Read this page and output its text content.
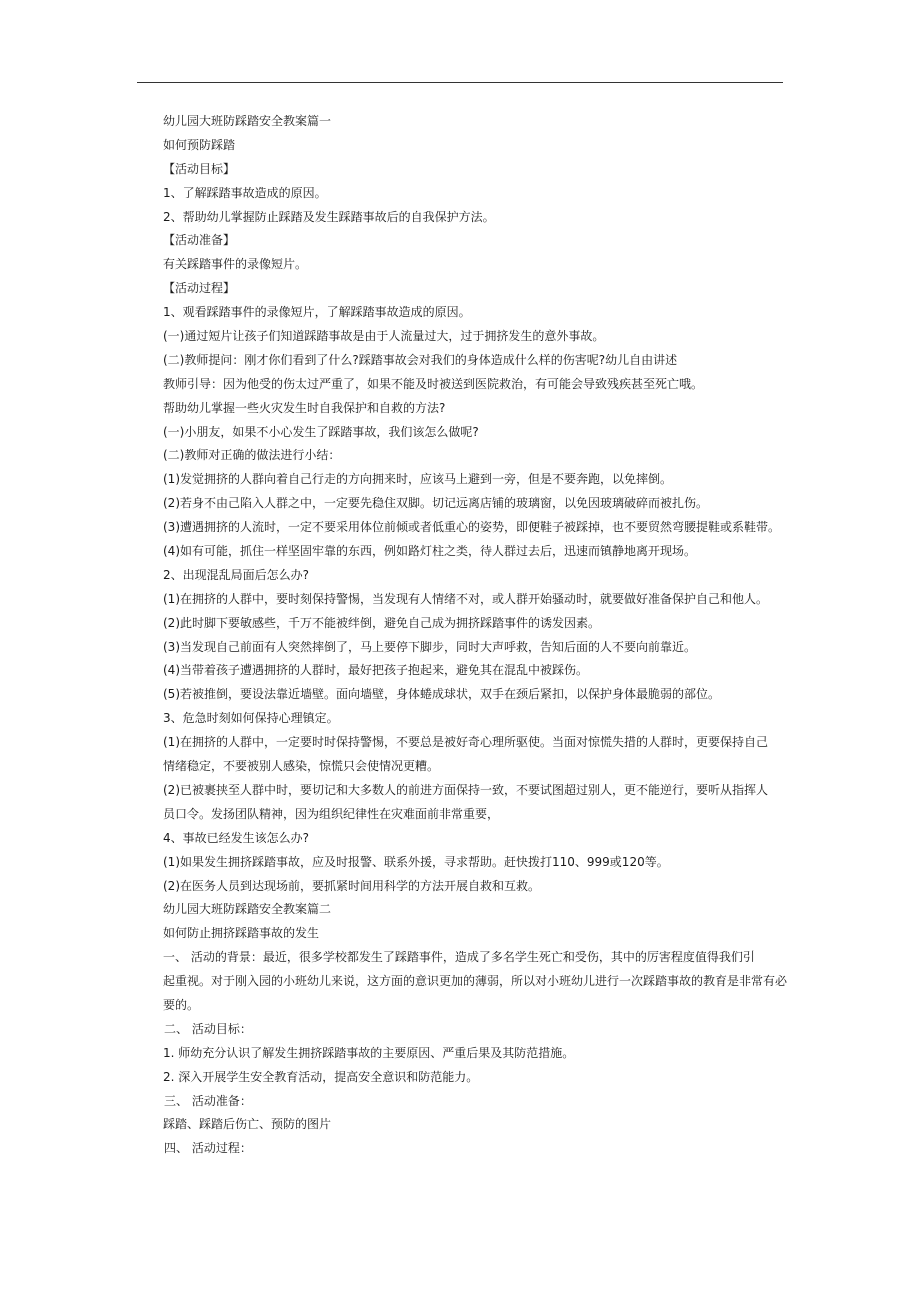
幼儿园大班防踩踏安全教案篇一
如何预防踩踏
【活动目标】
1、了解踩踏事故造成的原因。
2、帮助幼儿掌握防止踩踏及发生踩踏事故后的自我保护方法。
【活动准备】
有关踩踏事件的录像短片。
【活动过程】
1、观看踩踏事件的录像短片，了解踩踏事故造成的原因。
(一)通过短片让孩子们知道踩踏事故是由于人流量过大，过于拥挤发生的意外事故。
(二)教师提问：刚才你们看到了什么?踩踏事故会对我们的身体造成什么样的伤害呢?幼儿自由讲述
教师引导：因为他受的伤太过严重了，如果不能及时被送到医院救治，有可能会导致残疾甚至死亡哦。
帮助幼儿掌握一些火灾发生时自我保护和自救的方法?
(一)小朋友，如果不小心发生了踩踏事故，我们该怎么做呢?
(二)教师对正确的做法进行小结：
(1)发觉拥挤的人群向着自己行走的方向拥来时，应该马上避到一旁，但是不要奔跑，以免摔倒。
(2)若身不由己陷入人群之中，一定要先稳住双脚。切记远离店铺的玻璃窗，以免因玻璃破碎而被扎伤。
(3)遭遇拥挤的人流时，一定不要采用体位前倾或者低重心的姿势，即便鞋子被踩掉，也不要贸然弯腰提鞋或系鞋带。
(4)如有可能，抓住一样坚固牢靠的东西，例如路灯柱之类，待人群过去后，迅速而镇静地离开现场。
2、出现混乱局面后怎么办?
(1)在拥挤的人群中，要时刻保持警惕，当发现有人情绪不对，或人群开始骚动时，就要做好准备保护自己和他人。
(2)此时脚下要敏感些，千万不能被绊倒，避免自己成为拥挤踩踏事件的诱发因素。
(3)当发现自己前面有人突然摔倒了，马上要停下脚步，同时大声呼救，告知后面的人不要向前靠近。
(4)当带着孩子遭遇拥挤的人群时，最好把孩子抱起来，避免其在混乱中被踩伤。
(5)若被推倒，要设法靠近墙壁。面向墙壁，身体蜷成球状，双手在颈后紧扣，以保护身体最脆弱的部位。
3、危急时刻如何保持心理镇定。
(1)在拥挤的人群中，一定要时时保持警惕，不要总是被好奇心理所驱使。当面对惊慌失措的人群时，更要保持自己
情绪稳定，不要被别人感染，惊慌只会使情况更糟。
(2)已被裹挟至人群中时，要切记和大多数人的前进方面保持一致，不要试图超过别人，更不能逆行，要听从指挥人
员口令。发扬团队精神，因为组织纪律性在灾难面前非常重要，
4、事故已经发生该怎么办?
(1)如果发生拥挤踩踏事故，应及时报警、联系外援，寻求帮助。赶快拨打110、999或120等。
(2)在医务人员到达现场前，要抓紧时间用科学的方法开展自救和互救。
幼儿园大班防踩踏安全教案篇二
如何防止拥挤踩踏事故的发生
一、 活动的背景：最近，很多学校都发生了踩踏事件，造成了多名学生死亡和受伤，其中的厉害程度值得我们引
起重视。对于刚入园的小班幼儿来说，这方面的意识更加的薄弱，所以对小班幼儿进行一次踩踏事故的教育是非常有必
要的。
二、 活动目标：
1. 师幼充分认识了解发生拥挤踩踏事故的主要原因、严重后果及其防范措施。
2. 深入开展学生安全教育活动，提高安全意识和防范能力。
三、 活动准备：
踩踏、踩踏后伤亡、预防的图片
四、 活动过程：
